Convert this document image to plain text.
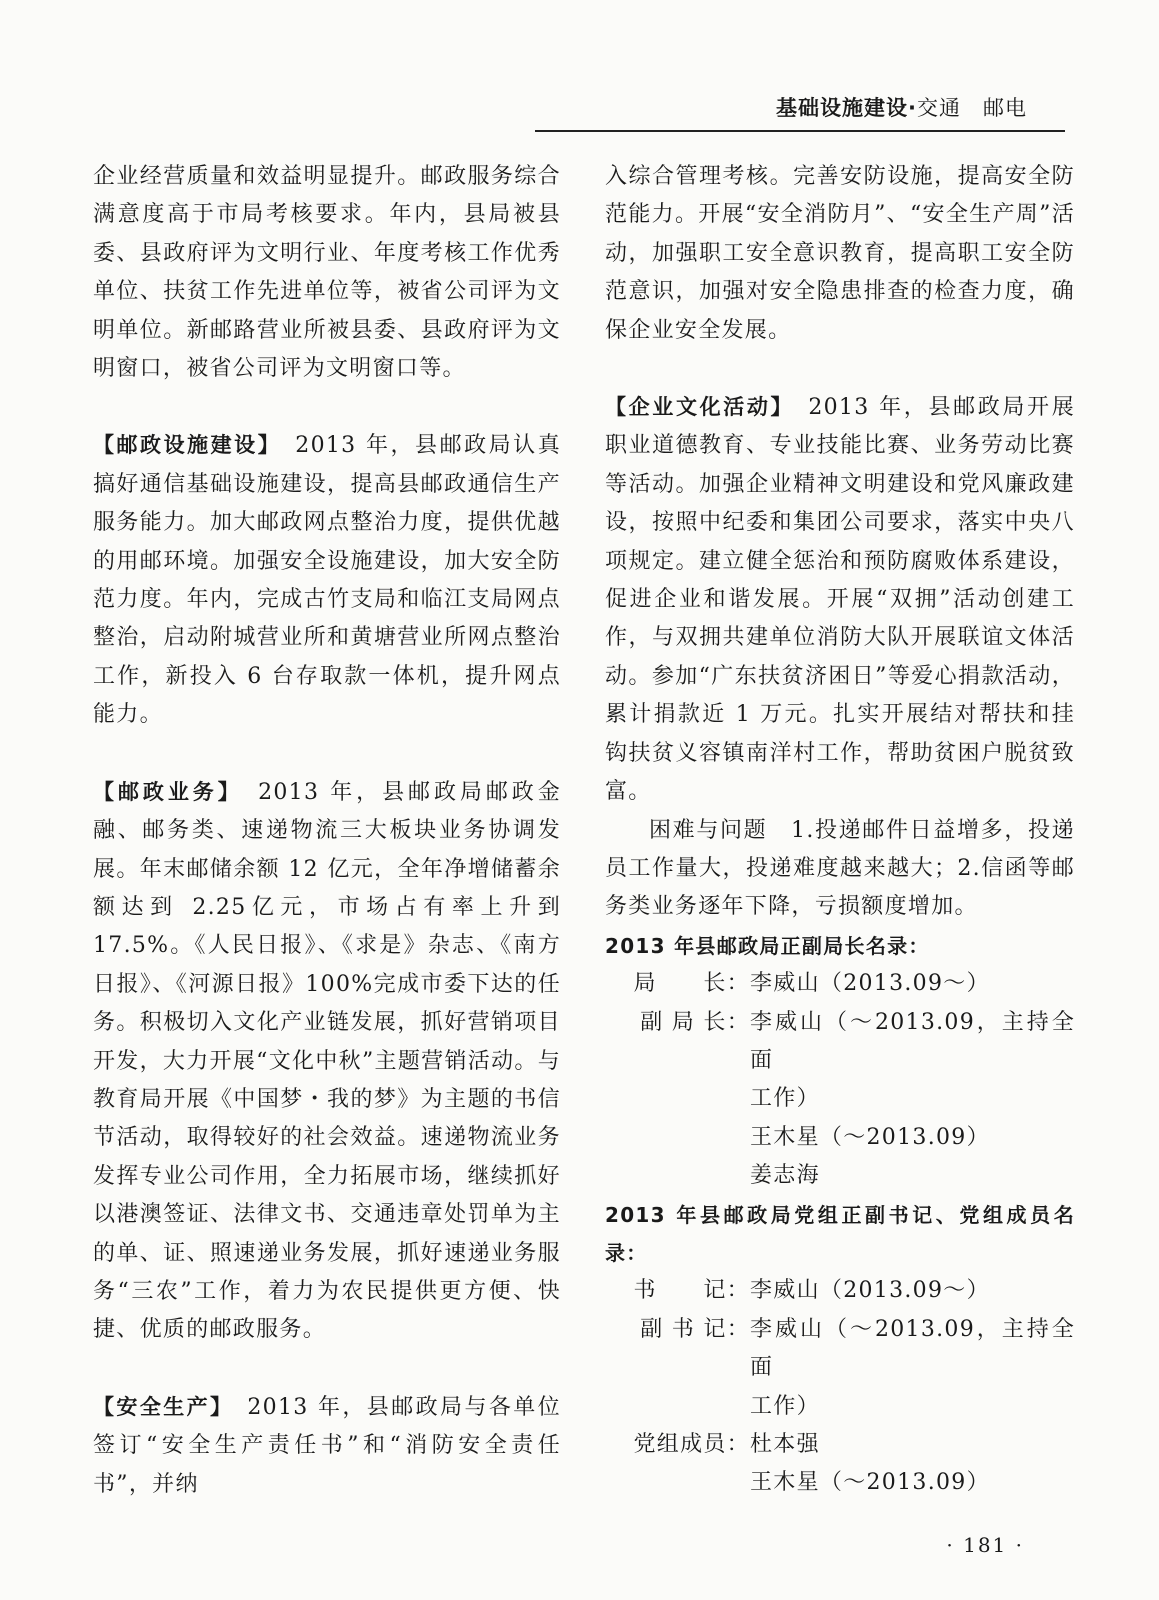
基础设施建设·交通　邮电

企业经营质量和效益明显提升。邮政服务综合满意度高于市局考核要求。年内，县局被县委、县政府评为文明行业、年度考核工作优秀单位、扶贫工作先进单位等，被省公司评为文明单位。新邮路营业所被县委、县政府评为文明窗口，被省公司评为文明窗口等。

【邮政设施建设】　2013 年，县邮政局认真搞好通信基础设施建设，提高县邮政通信生产服务能力。加大邮政网点整治力度，提供优越的用邮环境。加强安全设施建设，加大安全防范力度。年内，完成古竹支局和临江支局网点整治，启动附城营业所和黄塘营业所网点整治工作，新投入 6 台存取款一体机，提升网点能力。

【邮政业务】　2013 年，县邮政局邮政金融、邮务类、速递物流三大板块业务协调发展。年末邮储余额 12 亿元，全年净增储蓄余额达到 2.25亿元，市场占有率上升到 17.5%。《人民日报》、《求是》杂志、《南方日报》、《河源日报》100%完成市委下达的任务。积极切入文化产业链发展，抓好营销项目开发，大力开展“文化中秋”主题营销活动。与教育局开展《中国梦・我的梦》为主题的书信节活动，取得较好的社会效益。速递物流业务发挥专业公司作用，全力拓展市场，继续抓好以港澳签证、法律文书、交通违章处罚单为主的单、证、照速递业务发展，抓好速递业务服务“三农”工作，着力为农民提供更方便、快捷、优质的邮政服务。

【安全生产】　2013 年，县邮政局与各单位签订“安全生产责任书”和“消防安全责任书”，并纳

入综合管理考核。完善安防设施，提高安全防范能力。开展“安全消防月”、“安全生产周”活动，加强职工安全意识教育，提高职工安全防范意识，加强对安全隐患排查的检查力度，确保企业安全发展。

【企业文化活动】　2013 年，县邮政局开展职业道德教育、专业技能比赛、业务劳动比赛等活动。加强企业精神文明建设和党风廉政建设，按照中纪委和集团公司要求，落实中央八项规定。建立健全惩治和预防腐败体系建设，促进企业和谐发展。开展“双拥”活动创建工作，与双拥共建单位消防大队开展联谊文体活动。参加“广东扶贫济困日”等爱心捐款活动，累计捐款近 1 万元。扎实开展结对帮扶和挂钩扶贫义容镇南洋村工作，帮助贫困户脱贫致富。

困难与问题　1.投递邮件日益增多，投递员工作量大，投递难度越来越大；2.信函等邮务类业务逐年下降，亏损额度增加。

2013 年县邮政局正副局长名录：

局　　长： 李威山（2013.09～）
副 局 长： 李威山（～2013.09，主持全面
工作）
王木星（～2013.09）
姜志海

2013 年县邮政局党组正副书记、党组成员名录：

书　　记： 李威山（2013.09～）
副 书 记： 李威山（～2013.09，主持全面
工作）
党组成员： 杜本强
王木星（～2013.09）
· 181 ·
